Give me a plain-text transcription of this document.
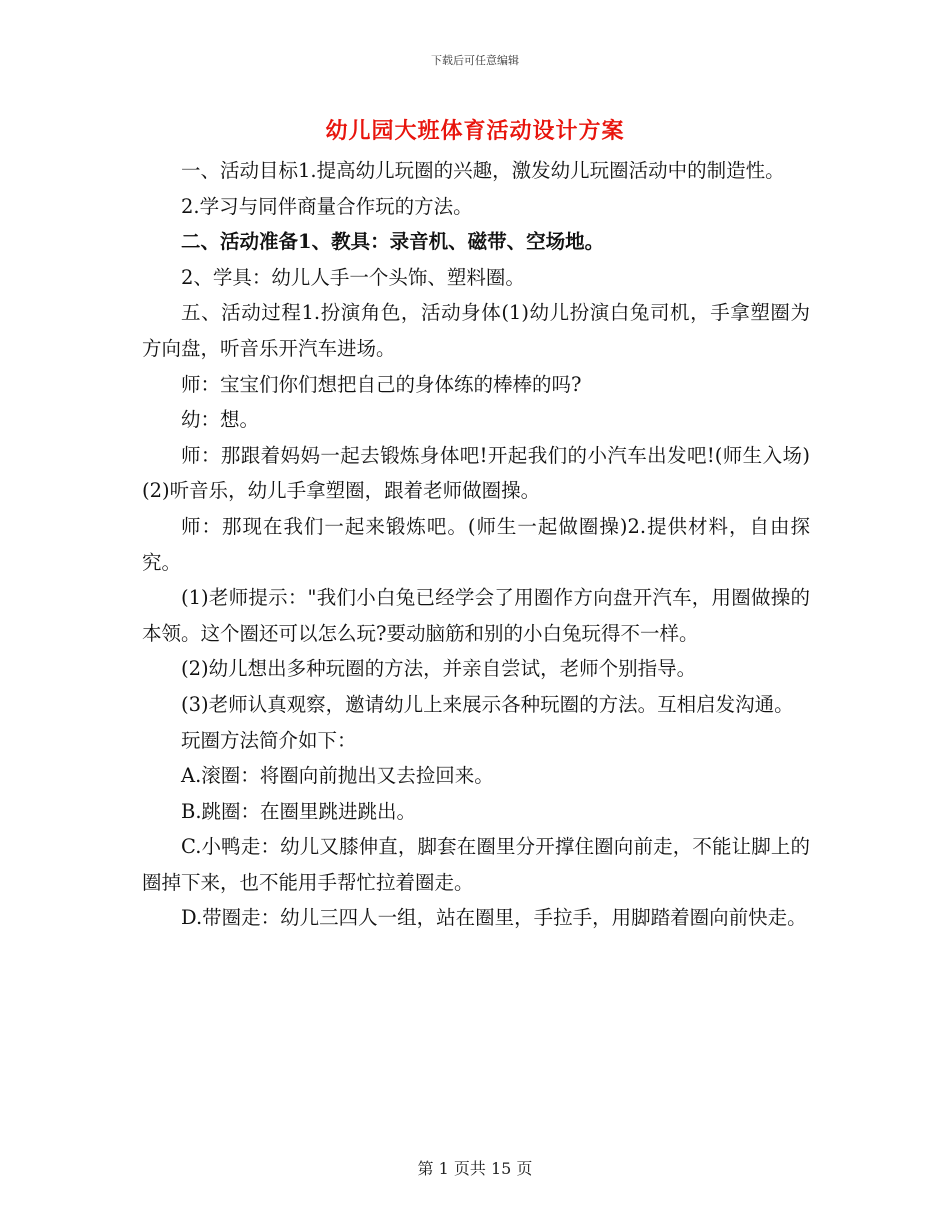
下载后可任意编辑
幼儿园大班体育活动设计方案

一、活动目标1.提高幼儿玩圈的兴趣，激发幼儿玩圈活动中的制造性。

2.学习与同伴商量合作玩的方法。

二、活动准备1、教具：录音机、磁带、空场地。

2、学具：幼儿人手一个头饰、塑料圈。

五、活动过程1.扮演角色，活动身体(1)幼儿扮演白兔司机，手拿塑圈为方向盘，听音乐开汽车进场。

师：宝宝们你们想把自己的身体练的棒棒的吗?

幼：想。

师：那跟着妈妈一起去锻炼身体吧!开起我们的小汽车出发吧!(师生入场)(2)听音乐，幼儿手拿塑圈，跟着老师做圈操。

师：那现在我们一起来锻炼吧。(师生一起做圈操)2.提供材料，自由探究。

(1)老师提示："我们小白兔已经学会了用圈作方向盘开汽车，用圈做操的本领。这个圈还可以怎么玩?要动脑筋和别的小白兔玩得不一样。

(2)幼儿想出多种玩圈的方法，并亲自尝试，老师个别指导。

(3)老师认真观察，邀请幼儿上来展示各种玩圈的方法。互相启发沟通。

玩圈方法简介如下：

A.滚圈：将圈向前抛出又去捡回来。

B.跳圈：在圈里跳进跳出。

C.小鸭走：幼儿又膝伸直，脚套在圈里分开撑住圈向前走，不能让脚上的圈掉下来，也不能用手帮忙拉着圈走。

D.带圈走：幼儿三四人一组，站在圈里，手拉手，用脚踏着圈向前快走。

第 1 页共 15 页
